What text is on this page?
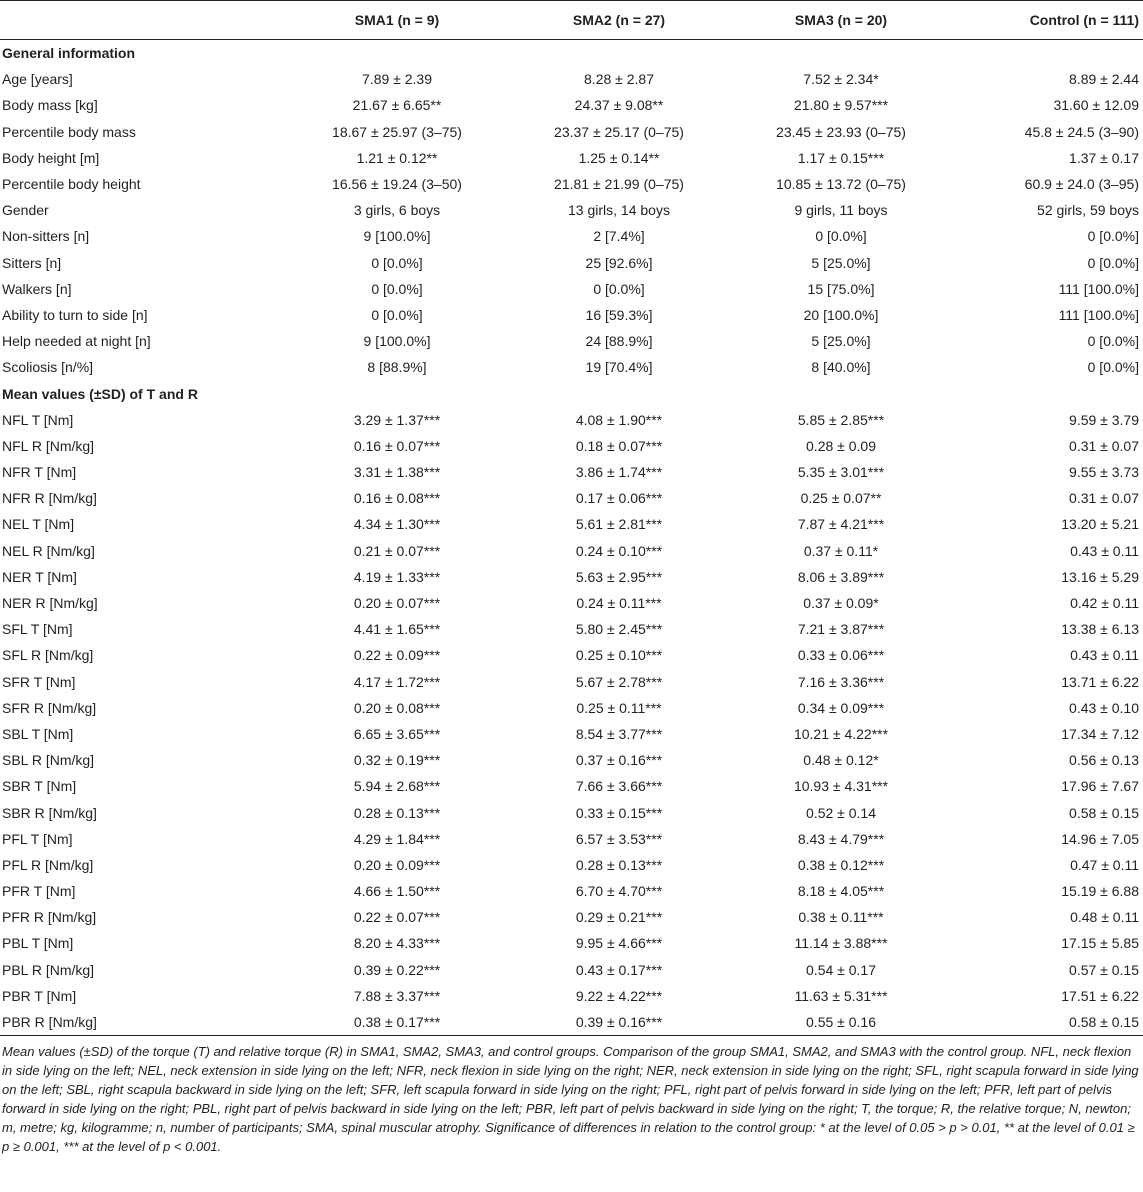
	SMA1 (n = 9)	SMA2 (n = 27)	SMA3 (n = 20)	Control (n = 111)
General information				
Age [years]	7.89 ± 2.39	8.28 ± 2.87	7.52 ± 2.34*	8.89 ± 2.44
Body mass [kg]	21.67 ± 6.65**	24.37 ± 9.08**	21.80 ± 9.57***	31.60 ± 12.09
Percentile body mass	18.67 ± 25.97 (3–75)	23.37 ± 25.17 (0–75)	23.45 ± 23.93 (0–75)	45.8 ± 24.5 (3–90)
Body height [m]	1.21 ± 0.12**	1.25 ± 0.14**	1.17 ± 0.15***	1.37 ± 0.17
Percentile body height	16.56 ± 19.24 (3–50)	21.81 ± 21.99 (0–75)	10.85 ± 13.72 (0–75)	60.9 ± 24.0 (3–95)
Gender	3 girls, 6 boys	13 girls, 14 boys	9 girls, 11 boys	52 girls, 59 boys
Non-sitters [n]	9 [100.0%]	2 [7.4%]	0 [0.0%]	0 [0.0%]
Sitters [n]	0 [0.0%]	25 [92.6%]	5 [25.0%]	0 [0.0%]
Walkers [n]	0 [0.0%]	0 [0.0%]	15 [75.0%]	111 [100.0%]
Ability to turn to side [n]	0 [0.0%]	16 [59.3%]	20 [100.0%]	111 [100.0%]
Help needed at night [n]	9 [100.0%]	24 [88.9%]	5 [25.0%]	0 [0.0%]
Scoliosis [n/%]	8 [88.9%]	19 [70.4%]	8 [40.0%]	0 [0.0%]
Mean values (±SD) of T and R				
NFL T [Nm]	3.29 ± 1.37***	4.08 ± 1.90***	5.85 ± 2.85***	9.59 ± 3.79
NFL R [Nm/kg]	0.16 ± 0.07***	0.18 ± 0.07***	0.28 ± 0.09	0.31 ± 0.07
NFR T [Nm]	3.31 ± 1.38***	3.86 ± 1.74***	5.35 ± 3.01***	9.55 ± 3.73
NFR R [Nm/kg]	0.16 ± 0.08***	0.17 ± 0.06***	0.25 ± 0.07**	0.31 ± 0.07
NEL T [Nm]	4.34 ± 1.30***	5.61 ± 2.81***	7.87 ± 4.21***	13.20 ± 5.21
NEL R [Nm/kg]	0.21 ± 0.07***	0.24 ± 0.10***	0.37 ± 0.11*	0.43 ± 0.11
NER T [Nm]	4.19 ± 1.33***	5.63 ± 2.95***	8.06 ± 3.89***	13.16 ± 5.29
NER R [Nm/kg]	0.20 ± 0.07***	0.24 ± 0.11***	0.37 ± 0.09*	0.42 ± 0.11
SFL T [Nm]	4.41 ± 1.65***	5.80 ± 2.45***	7.21 ± 3.87***	13.38 ± 6.13
SFL R [Nm/kg]	0.22 ± 0.09***	0.25 ± 0.10***	0.33 ± 0.06***	0.43 ± 0.11
SFR T [Nm]	4.17 ± 1.72***	5.67 ± 2.78***	7.16 ± 3.36***	13.71 ± 6.22
SFR R [Nm/kg]	0.20 ± 0.08***	0.25 ± 0.11***	0.34 ± 0.09***	0.43 ± 0.10
SBL T [Nm]	6.65 ± 3.65***	8.54 ± 3.77***	10.21 ± 4.22***	17.34 ± 7.12
SBL R [Nm/kg]	0.32 ± 0.19***	0.37 ± 0.16***	0.48 ± 0.12*	0.56 ± 0.13
SBR T [Nm]	5.94 ± 2.68***	7.66 ± 3.66***	10.93 ± 4.31***	17.96 ± 7.67
SBR R [Nm/kg]	0.28 ± 0.13***	0.33 ± 0.15***	0.52 ± 0.14	0.58 ± 0.15
PFL T [Nm]	4.29 ± 1.84***	6.57 ± 3.53***	8.43 ± 4.79***	14.96 ± 7.05
PFL R [Nm/kg]	0.20 ± 0.09***	0.28 ± 0.13***	0.38 ± 0.12***	0.47 ± 0.11
PFR T [Nm]	4.66 ± 1.50***	6.70 ± 4.70***	8.18 ± 4.05***	15.19 ± 6.88
PFR R [Nm/kg]	0.22 ± 0.07***	0.29 ± 0.21***	0.38 ± 0.11***	0.48 ± 0.11
PBL T [Nm]	8.20 ± 4.33***	9.95 ± 4.66***	11.14 ± 3.88***	17.15 ± 5.85
PBL R [Nm/kg]	0.39 ± 0.22***	0.43 ± 0.17***	0.54 ± 0.17	0.57 ± 0.15
PBR T [Nm]	7.88 ± 3.37***	9.22 ± 4.22***	11.63 ± 5.31***	17.51 ± 6.22
PBR R [Nm/kg]	0.38 ± 0.17***	0.39 ± 0.16***	0.55 ± 0.16	0.58 ± 0.15

Mean values (±SD) of the torque (T) and relative torque (R) in SMA1, SMA2, SMA3, and control groups. Comparison of the group SMA1, SMA2, and SMA3 with the control group. NFL, neck flexion in side lying on the left; NEL, neck extension in side lying on the left; NFR, neck flexion in side lying on the right; NER, neck extension in side lying on the right; SFL, right scapula forward in side lying on the left; SBL, right scapula backward in side lying on the left; SFR, left scapula forward in side lying on the right; PFL, right part of pelvis forward in side lying on the left; PFR, left part of pelvis forward in side lying on the right; PBL, right part of pelvis backward in side lying on the left; PBR, left part of pelvis backward in side lying on the right; T, the torque; R, the relative torque; N, newton; m, metre; kg, kilogramme; n, number of participants; SMA, spinal muscular atrophy. Significance of differences in relation to the control group: * at the level of 0.05 > p > 0.01, ** at the level of 0.01 ≥ p ≥ 0.001, *** at the level of p < 0.001.
